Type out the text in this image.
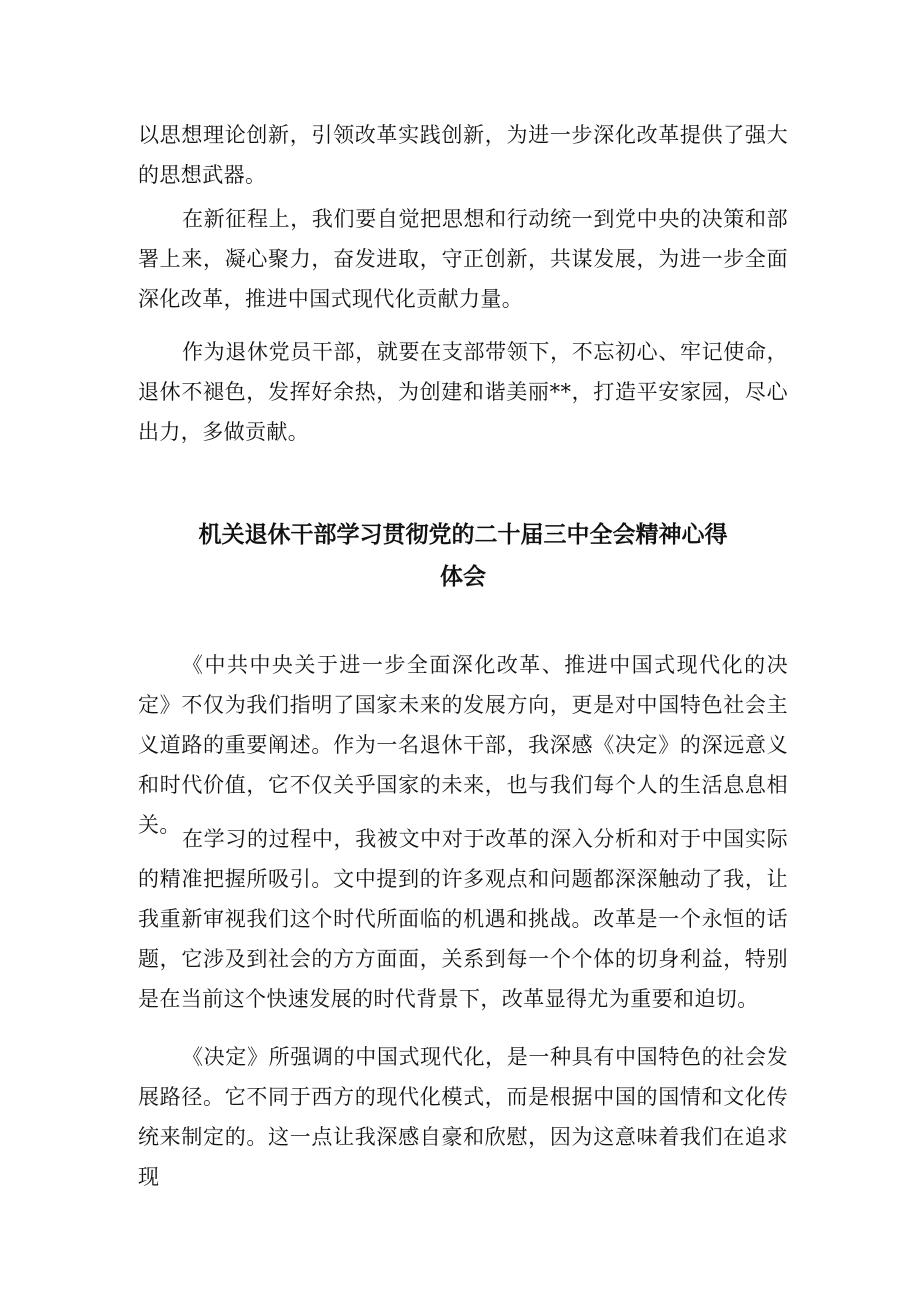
以思想理论创新，引领改革实践创新，为进一步深化改革提供了强大的思想武器。

在新征程上，我们要自觉把思想和行动统一到党中央的决策和部署上来，凝心聚力，奋发进取，守正创新，共谋发展，为进一步全面深化改革，推进中国式现代化贡献力量。

作为退休党员干部，就要在支部带领下，不忘初心、牢记使命，退休不褪色，发挥好余热，为创建和谐美丽**，打造平安家园，尽心出力，多做贡献。

机关退休干部学习贯彻党的二十届三中全会精神心得
体会

《中共中央关于进一步全面深化改革、推进中国式现代化的决定》不仅为我们指明了国家未来的发展方向，更是对中国特色社会主义道路的重要阐述。作为一名退休干部，我深感《决定》的深远意义和时代价值，它不仅关乎国家的未来，也与我们每个人的生活息息相关。

在学习的过程中，我被文中对于改革的深入分析和对于中国实际的精准把握所吸引。文中提到的许多观点和问题都深深触动了我，让我重新审视我们这个时代所面临的机遇和挑战。改革是一个永恒的话题，它涉及到社会的方方面面，关系到每一个个体的切身利益，特别是在当前这个快速发展的时代背景下，改革显得尤为重要和迫切。

《决定》所强调的中国式现代化，是一种具有中国特色的社会发展路径。它不同于西方的现代化模式，而是根据中国的国情和文化传统来制定的。这一点让我深感自豪和欣慰，因为这意味着我们在追求现
